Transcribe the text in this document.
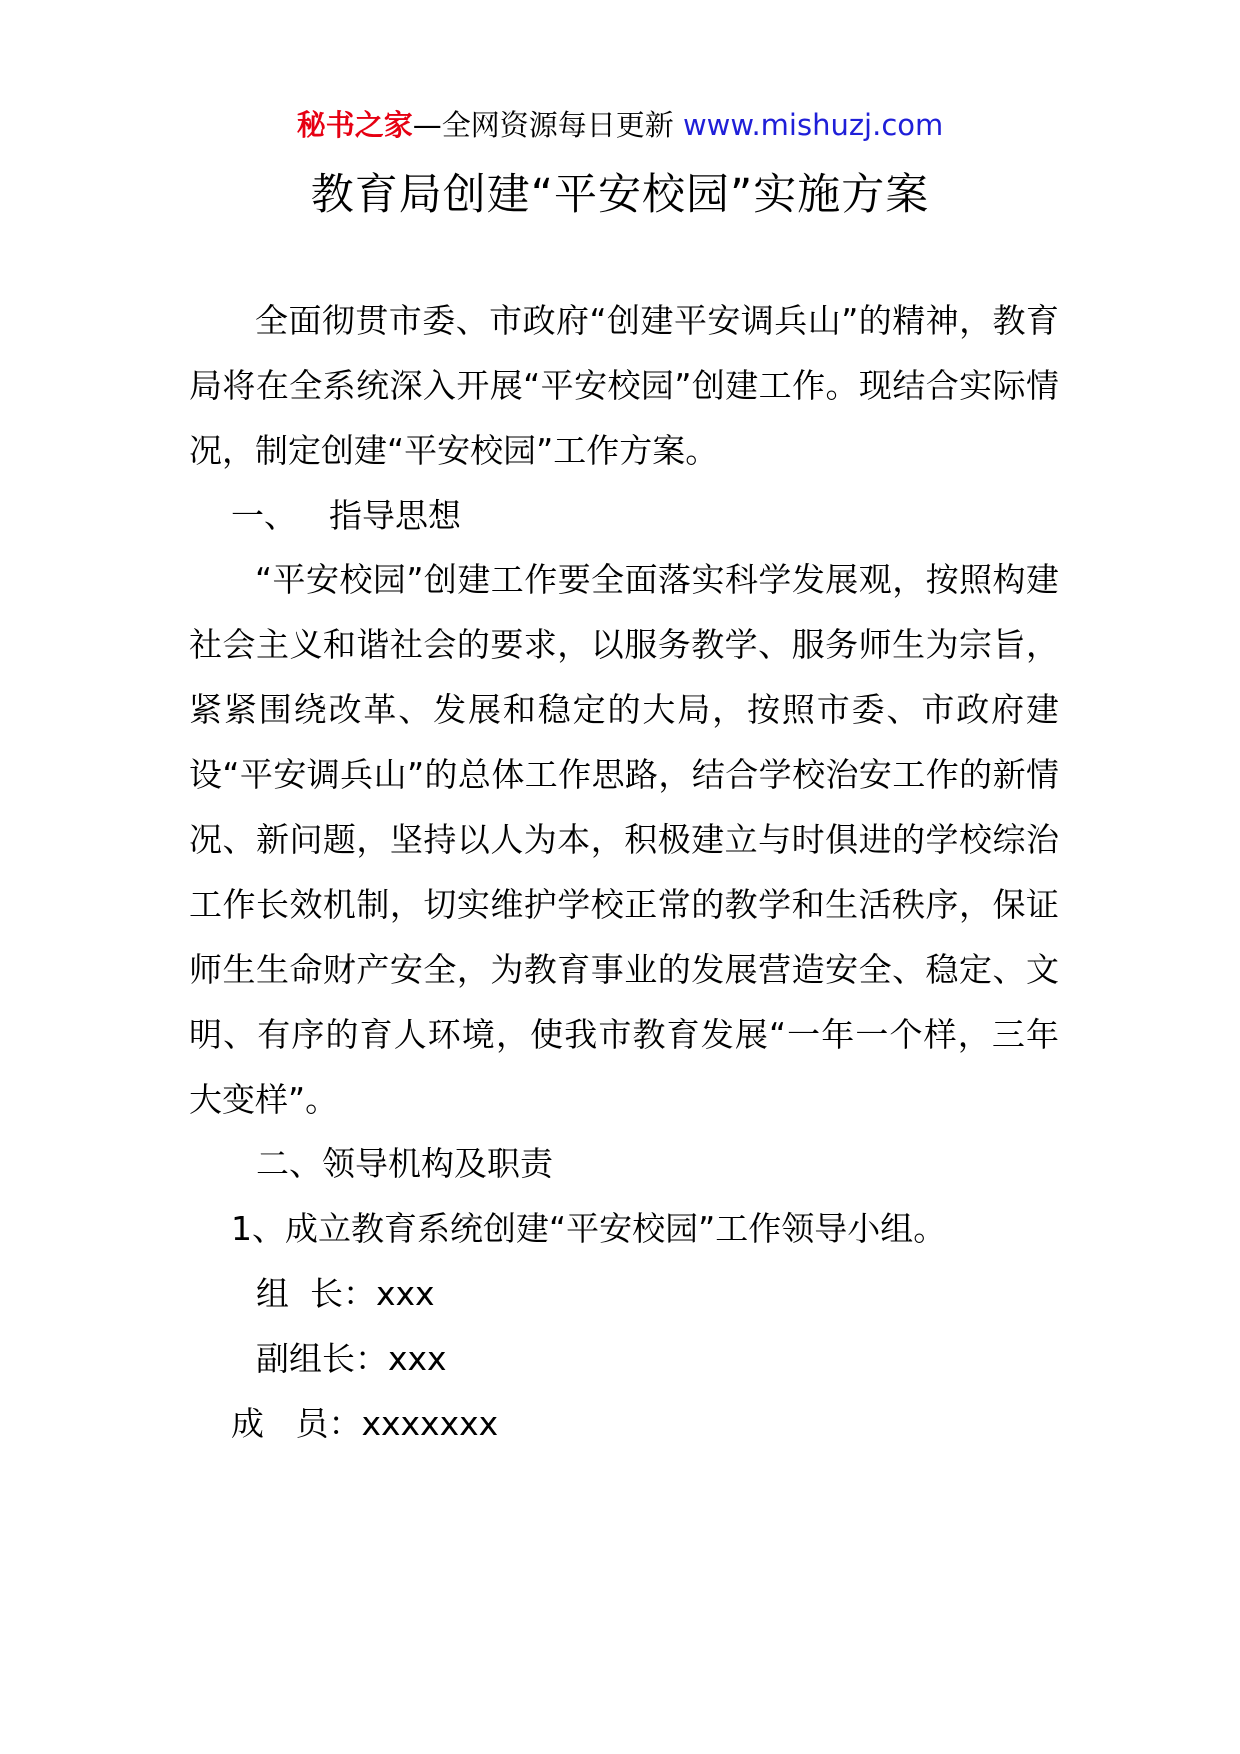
秘书之家—全网资源每日更新 www.mishuzj.com
教育局创建“平安校园”实施方案

全面彻贯市委、市政府“创建平安调兵山”的精神，教育局将在全系统深入开展“平安校园”创建工作。现结合实际情况，制定创建“平安校园”工作方案。

一、 指导思想

“平安校园”创建工作要全面落实科学发展观，按照构建社会主义和谐社会的要求，以服务教学、服务师生为宗旨，紧紧围绕改革、发展和稳定的大局，按照市委、市政府建设“平安调兵山”的总体工作思路，结合学校治安工作的新情况、新问题，坚持以人为本，积极建立与时俱进的学校综治工作长效机制，切实维护学校正常的教学和生活秩序，保证师生生命财产安全，为教育事业的发展营造安全、稳定、文明、有序的育人环境，使我市教育发展“一年一个样，三年大变样”。

二、领导机构及职责
1、成立教育系统创建“平安校园”工作领导小组。
组  长：xxx
副组长：xxx
成   员：xxxxxxx
